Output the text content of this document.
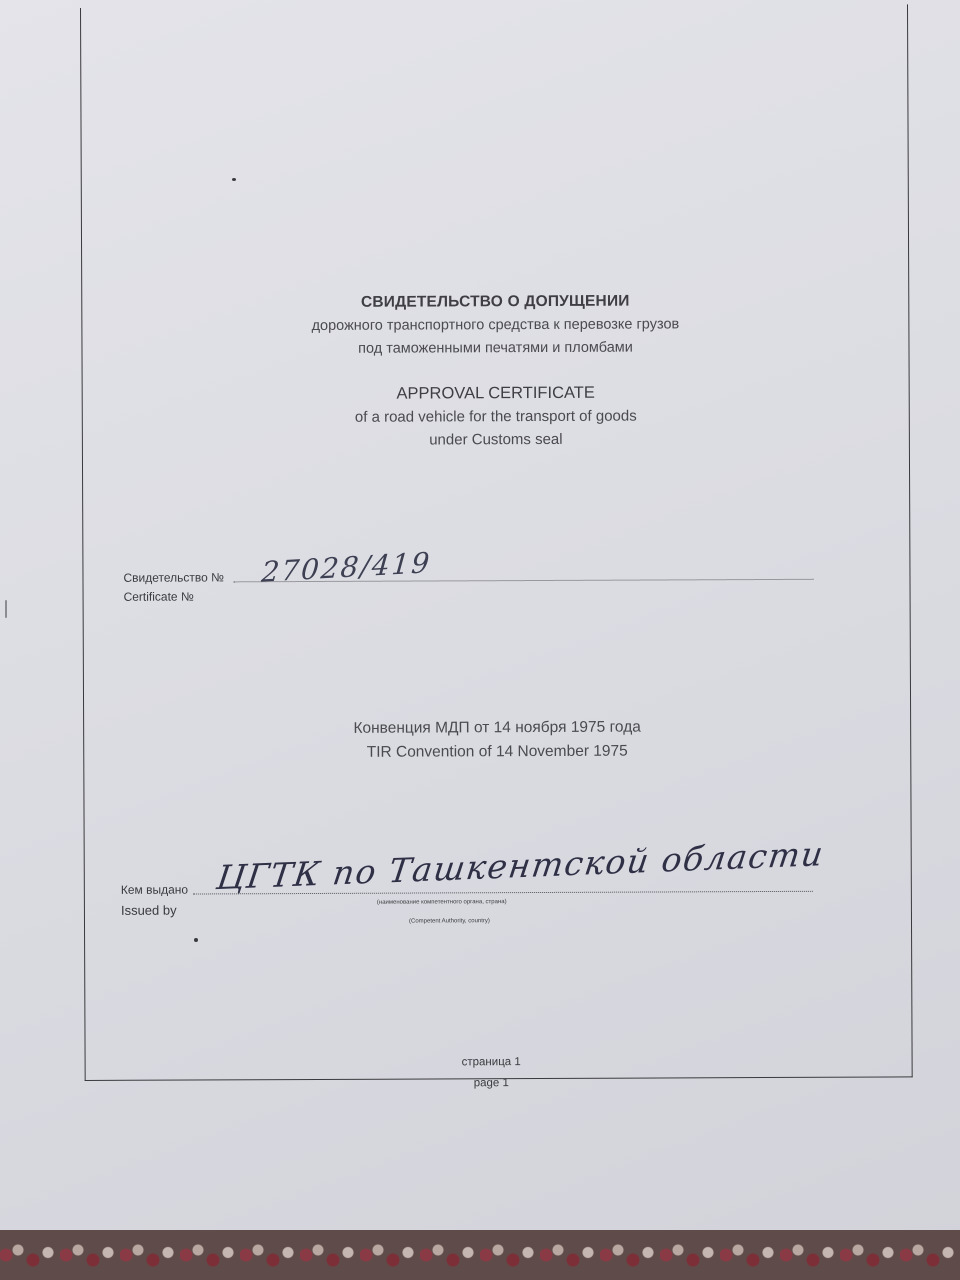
СВИДЕТЕЛЬСТВО О ДОПУЩЕНИИ
дорожного транспортного средства к перевозке грузов
под таможенными печатями и пломбами
APPROVAL CERTIFICATE
of a road vehicle for the transport of goods
under Customs seal
Свидетельство №
Certificate №
27028/419
Конвенция МДП от 14 ноября 1975 года
TIR Convention of 14 November 1975
Кем выдано
Issued by
ЦГТК по Ташкентской области
(наименование компетентного органа, страна)
(Competent Authority, country)
страница 1
page 1
